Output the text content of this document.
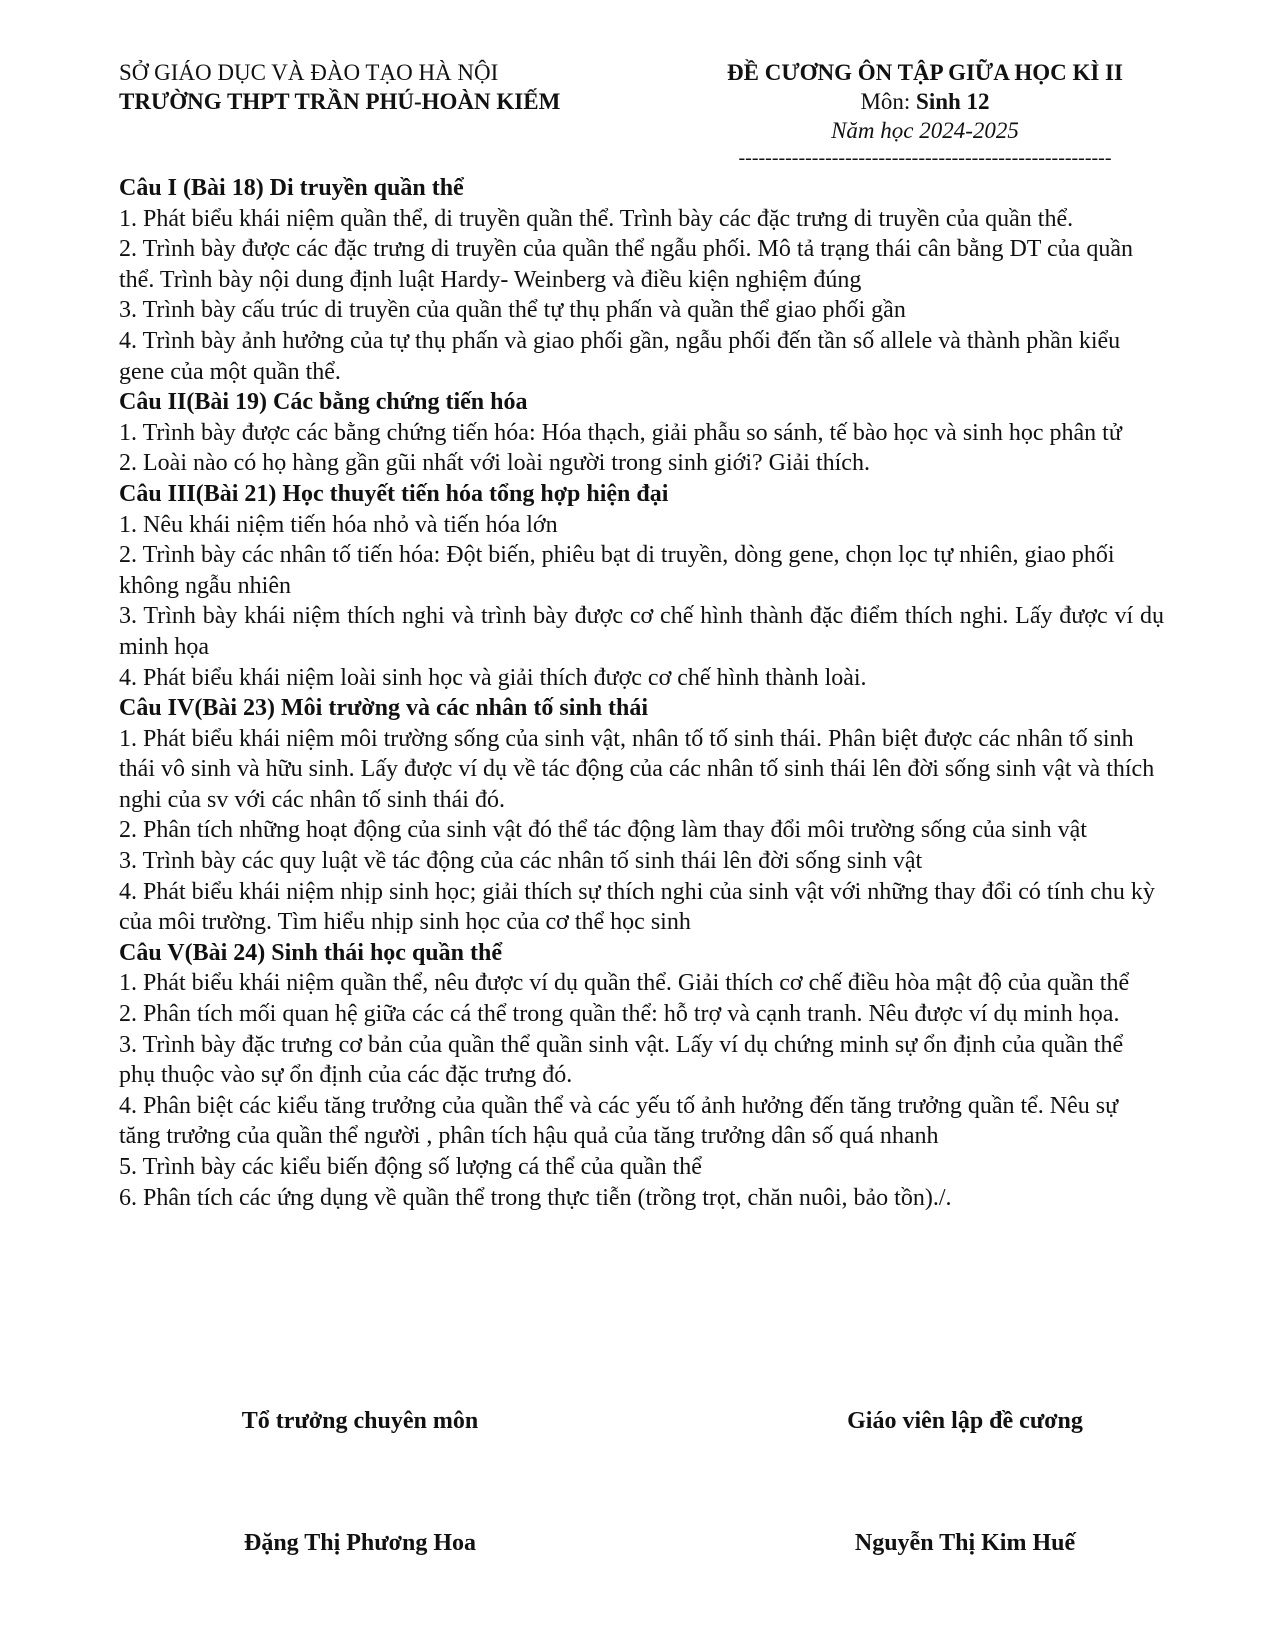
SỞ GIÁO DỤC VÀ ĐÀO TẠO HÀ NỘI
TRƯỜNG THPT TRẦN PHÚ-HOÀN KIẾM
ĐỀ CƯƠNG ÔN TẬP GIỮA HỌC KÌ II
Môn: Sinh 12
Năm học 2024-2025
--------------------------------------------------------

Câu I (Bài 18) Di truyền quần thể

1. Phát biểu khái niệm quần thể, di truyền quần thể. Trình bày các đặc trưng di truyền của quần thể.

2. Trình bày được các đặc trưng di truyền của quần thể ngẫu phối. Mô tả trạng thái cân bằng DT của quần thể. Trình bày nội dung định luật Hardy- Weinberg và điều kiện nghiệm đúng

3. Trình bày cấu trúc di truyền của quần thể tự thụ phấn và quần thể giao phối gần

4. Trình bày ảnh hưởng của tự thụ phấn và giao phối gần, ngẫu phối đến tần số allele và thành phần kiểu gene của một quần thể.

Câu II(Bài 19) Các bằng chứng tiến hóa

1. Trình bày được các bằng chứng tiến hóa: Hóa thạch, giải phẫu so sánh, tế bào học và sinh học phân tử

2. Loài nào có họ hàng gần gũi nhất với loài người trong sinh giới? Giải thích.

Câu III(Bài 21) Học thuyết tiến hóa tổng hợp hiện đại

1. Nêu khái niệm tiến hóa nhỏ và tiến hóa lớn

2. Trình bày các nhân tố tiến hóa: Đột biến, phiêu bạt di truyền, dòng gene, chọn lọc tự nhiên, giao phối không ngẫu nhiên

3. Trình bày khái niệm thích nghi và trình bày được cơ chế hình thành đặc điểm thích nghi. Lấy được ví dụ minh họa

4. Phát biểu khái niệm loài sinh học và giải thích được cơ chế hình thành loài.

Câu IV(Bài 23) Môi trường và các nhân tố sinh thái

1. Phát biểu khái niệm môi trường sống của sinh vật, nhân tố tố sinh thái. Phân biệt được các nhân tố sinh thái vô sinh và hữu sinh. Lấy được ví dụ về tác động của các nhân tố sinh thái lên đời sống sinh vật và thích nghi của sv với các nhân tố sinh thái đó.

2. Phân tích những hoạt động của sinh vật đó thể tác động làm thay đổi môi trường sống của sinh vật

3. Trình bày các quy luật về tác động của các nhân tố sinh thái lên đời sống sinh vật

4. Phát biểu khái niệm nhịp sinh học; giải thích sự thích nghi của sinh vật với những thay đổi có tính chu kỳ của môi trường. Tìm hiểu nhịp sinh học của cơ thể học sinh

Câu V(Bài 24) Sinh thái học quần thể

1. Phát biểu khái niệm quần thể, nêu được ví dụ quần thể. Giải thích cơ chế điều hòa mật độ của quần thể

2. Phân tích mối quan hệ giữa các cá thể trong quần thể: hỗ trợ và cạnh tranh. Nêu được ví dụ minh họa.

3. Trình bày đặc trưng cơ bản của quần thể quần sinh vật. Lấy ví dụ chứng minh sự ổn định của quần thể phụ thuộc vào sự ổn định của các đặc trưng đó.

4. Phân biệt các kiểu tăng trưởng của quần thể và các yếu tố ảnh hưởng đến tăng trưởng quần tể. Nêu sự tăng trưởng của quần thể người , phân tích hậu quả của tăng trưởng dân số quá nhanh

5. Trình bày các kiểu biến động số lượng cá thể của quần thể

6. Phân tích các ứng dụng về quần thể trong thực tiễn (trồng trọt, chăn nuôi, bảo tồn)./.

Tổ trưởng chuyên môn
Đặng Thị Phương Hoa
Giáo viên lập đề cương
Nguyễn Thị Kim Huế
